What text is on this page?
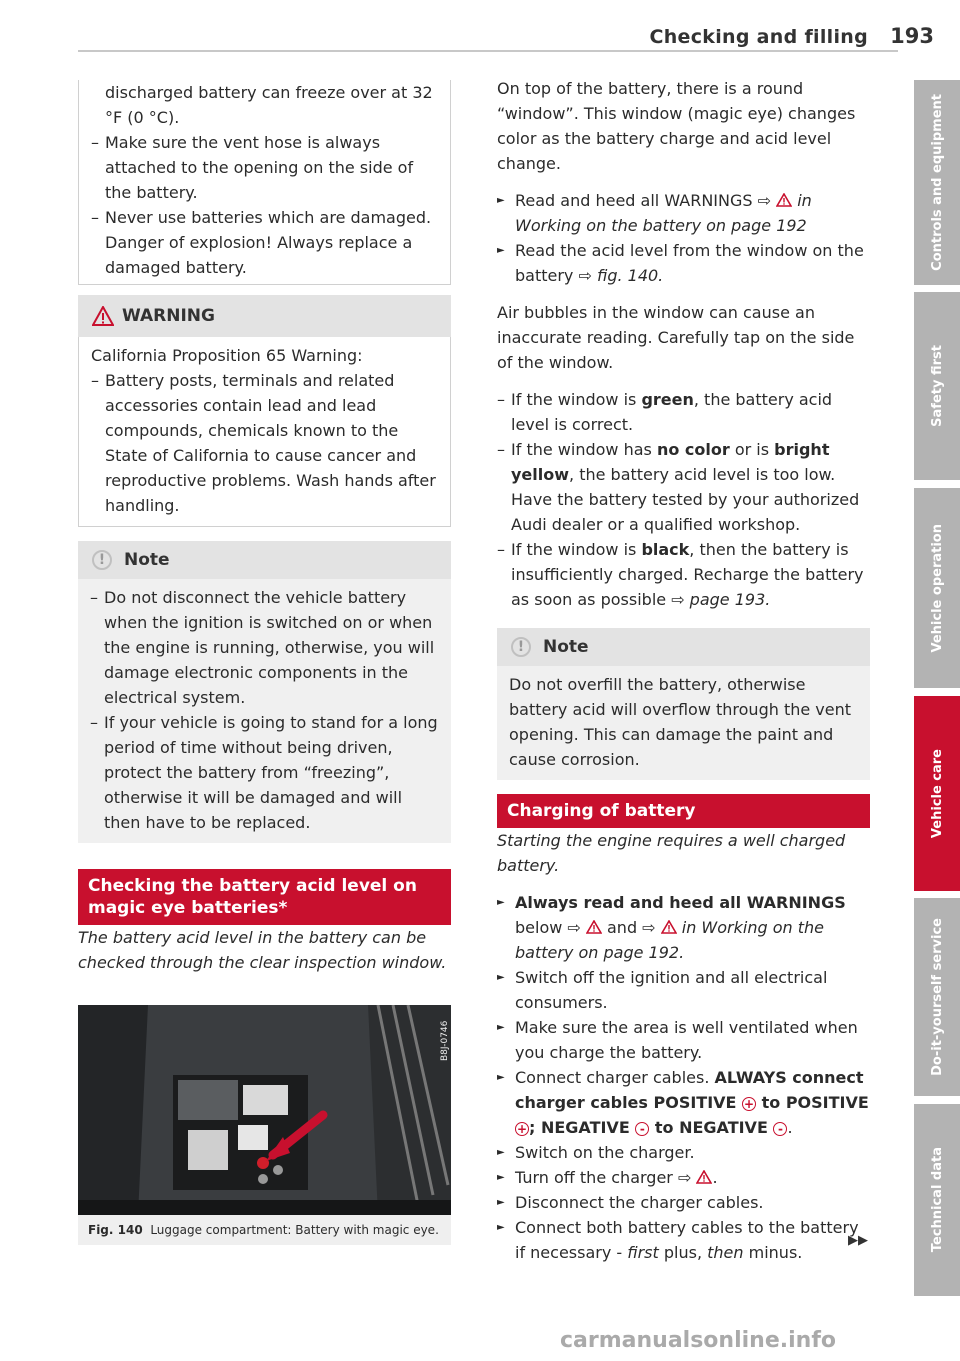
Checking and filling 193

discharged battery can freeze over at 32 °F (0 °C).

– Make sure the vent hose is always attached to the opening on the side of the battery.

– Never use batteries which are damaged. Danger of explosion! Always replace a damaged battery.

WARNING

California Proposition 65 Warning:

– Battery posts, terminals and related accessories contain lead and lead compounds, chemicals known to the State of California to cause cancer and reproductive problems. Wash hands after handling.

!	Note

– Do not disconnect the vehicle battery when the ignition is switched on or when the engine is running, otherwise, you will damage electronic components in the electrical system.

– If your vehicle is going to stand for a long period of time without being driven, protect the battery from “freezing”, otherwise it will be damaged and will then have to be replaced.

Checking the battery acid level on magic eye batteries*

The battery acid level in the battery can be checked through the clear inspection window.

B8J-0746
Fig. 140 Luggage compartment: Battery with magic eye.

On top of the battery, there is a round “window”. This window (magic eye) changes color as the battery charge and acid level change.

► Read and heed all WARNINGS ⇨  in Working on the battery on page 192

► Read the acid level from the window on the battery ⇨ fig. 140.

Air bubbles in the window can cause an inaccurate reading. Carefully tap on the side of the window.

– If the window is green, the battery acid level is correct.

– If the window has no color or is bright yellow, the battery acid level is too low. Have the battery tested by your authorized Audi dealer or a qualified workshop.

– If the window is black, then the battery is insufficiently charged. Recharge the battery as soon as possible ⇨ page 193.

!	Note

Do not overfill the battery, otherwise battery acid will overflow through the vent opening. This can damage the paint and cause corrosion.

Charging of battery

Starting the engine requires a well charged battery.

► Always read and heed all WARNINGS below ⇨  and ⇨  in Working on the battery on page 192.

► Switch off the ignition and all electrical consumers.

► Make sure the area is well ventilated when you charge the battery.

► Connect charger cables. ALWAYS connect charger cables POSITIVE + to POSITIVE + ; NEGATIVE - to NEGATIVE - .

► Switch on the charger.

► Turn off the charger ⇨ .

► Disconnect the charger cables.

► Connect both battery cables to the battery if necessary - first plus, then minus.

▶▶
Controls and equipment
Safety first
Vehicle operation
Vehicle care
Do-it-yourself service
Technical data
carmanualsonline.info
